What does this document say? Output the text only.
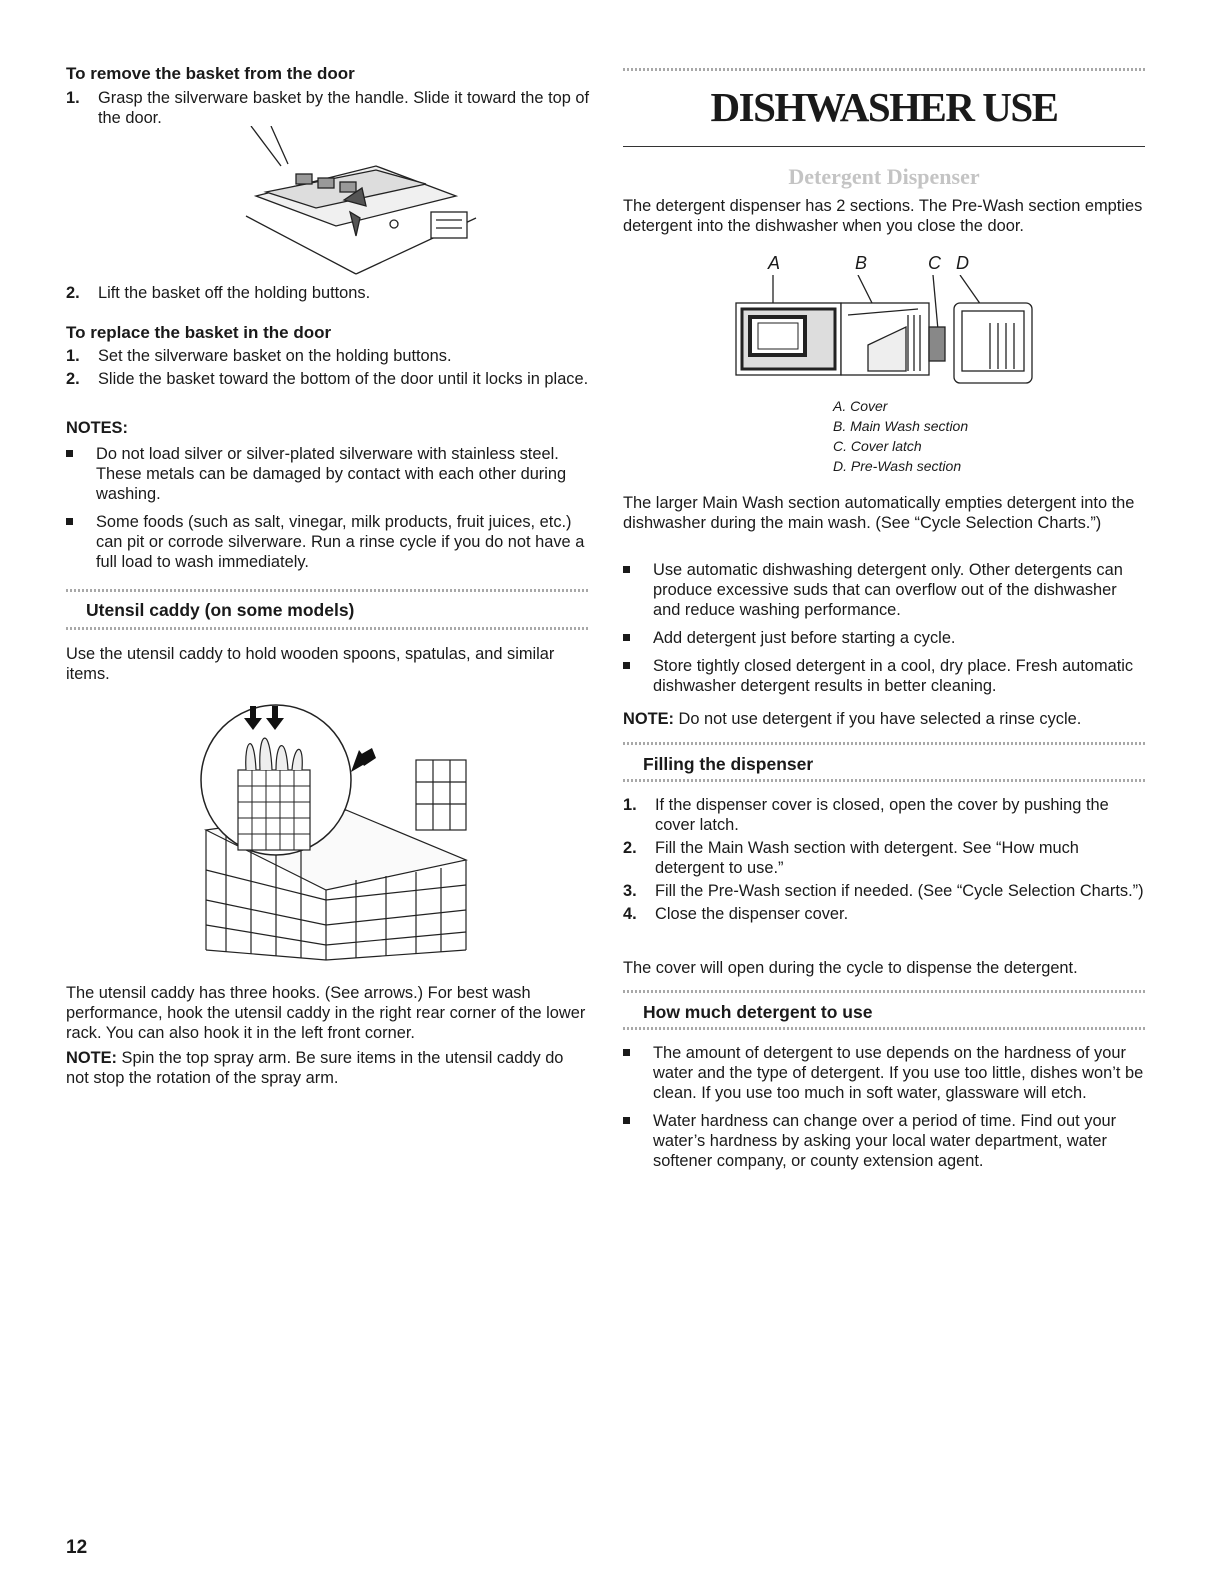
To remove the basket from the door
1. Grasp the silverware basket by the handle. Slide it toward the top of the door.
2. Lift the basket off the holding buttons.
To replace the basket in the door
1. Set the silverware basket on the holding buttons.
2. Slide the basket toward the bottom of the door until it locks in place.

NOTES:

Do not load silver or silver-plated silverware with stainless steel. These metals can be damaged by contact with each other during washing.
Some foods (such as salt, vinegar, milk products, fruit juices, etc.) can pit or corrode silverware. Run a rinse cycle if you do not have a full load to wash immediately.
Utensil caddy (on some models)

Use the utensil caddy to hold wooden spoons, spatulas, and similar items.

The utensil caddy has three hooks. (See arrows.) For best wash performance, hook the utensil caddy in the right rear corner of the lower rack. You can also hook it in the left front corner.

NOTE: Spin the top spray arm. Be sure items in the utensil caddy do not stop the rotation of the spray arm.

DISHWASHER USE
Detergent Dispenser

The detergent dispenser has 2 sections. The Pre-Wash section empties detergent into the dishwasher when you close the door.

A	B	C D

A. Cover

B. Main Wash section

C. Cover latch

D. Pre-Wash section

The larger Main Wash section automatically empties detergent into the dishwasher during the main wash. (See “Cycle Selection Charts.”)

Use automatic dishwashing detergent only. Other detergents can produce excessive suds that can overflow out of the dishwasher and reduce washing performance.
Add detergent just before starting a cycle.
Store tightly closed detergent in a cool, dry place. Fresh automatic dishwasher detergent results in better cleaning.

NOTE: Do not use detergent if you have selected a rinse cycle.

Filling the dispenser
1. If the dispenser cover is closed, open the cover by pushing the cover latch.
2. Fill the Main Wash section with detergent. See “How much detergent to use.”
3. Fill the Pre-Wash section if needed. (See “Cycle Selection Charts.”)
4. Close the dispenser cover.

The cover will open during the cycle to dispense the detergent.

How much detergent to use
The amount of detergent to use depends on the hardness of your water and the type of detergent. If you use too little, dishes won’t be clean. If you use too much in soft water, glassware will etch.
Water hardness can change over a period of time. Find out your water’s hardness by asking your local water department, water softener company, or county extension agent.
12
